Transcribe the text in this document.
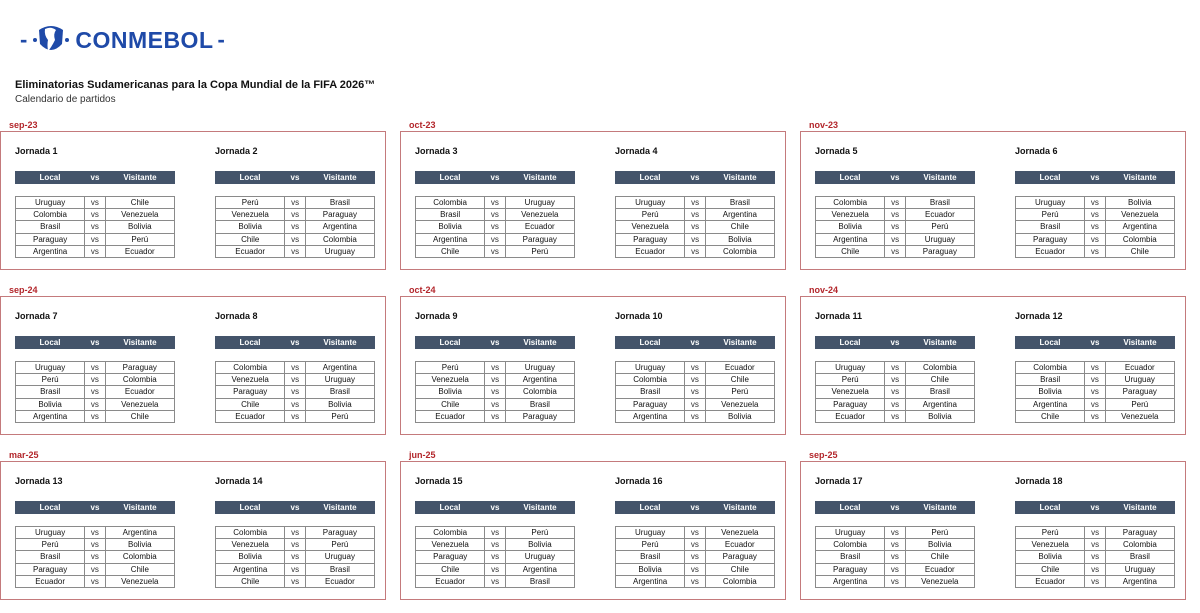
- CONMEBOL -
Eliminatorias Sudamericanas para la Copa Mundial de la FIFA 2026™
Calendario de partidos
sep-23
Jornada 1
Local	vs	Visitante
Uruguay	vs	Chile
Colombia	vs	Venezuela
Brasil	vs	Bolivia
Paraguay	vs	Perú
Argentina	vs	Ecuador
Jornada 2
Local	vs	Visitante
Perú	vs	Brasil
Venezuela	vs	Paraguay
Bolivia	vs	Argentina
Chile	vs	Colombia
Ecuador	vs	Uruguay
oct-23
Jornada 3
Local	vs	Visitante
Colombia	vs	Uruguay
Brasil	vs	Venezuela
Bolivia	vs	Ecuador
Argentina	vs	Paraguay
Chile	vs	Perú
Jornada 4
Local	vs	Visitante
Uruguay	vs	Brasil
Perú	vs	Argentina
Venezuela	vs	Chile
Paraguay	vs	Bolivia
Ecuador	vs	Colombia
nov-23
Jornada 5
Local	vs	Visitante
Colombia	vs	Brasil
Venezuela	vs	Ecuador
Bolivia	vs	Perú
Argentina	vs	Uruguay
Chile	vs	Paraguay
Jornada 6
Local	vs	Visitante
Uruguay	vs	Bolivia
Perú	vs	Venezuela
Brasil	vs	Argentina
Paraguay	vs	Colombia
Ecuador	vs	Chile
sep-24
Jornada 7
Local	vs	Visitante
Uruguay	vs	Paraguay
Perú	vs	Colombia
Brasil	vs	Ecuador
Bolivia	vs	Venezuela
Argentina	vs	Chile
Jornada 8
Local	vs	Visitante
Colombia	vs	Argentina
Venezuela	vs	Uruguay
Paraguay	vs	Brasil
Chile	vs	Bolivia
Ecuador	vs	Perú
oct-24
Jornada 9
Local	vs	Visitante
Perú	vs	Uruguay
Venezuela	vs	Argentina
Bolivia	vs	Colombia
Chile	vs	Brasil
Ecuador	vs	Paraguay
Jornada 10
Local	vs	Visitante
Uruguay	vs	Ecuador
Colombia	vs	Chile
Brasil	vs	Perú
Paraguay	vs	Venezuela
Argentina	vs	Bolivia
nov-24
Jornada 11
Local	vs	Visitante
Uruguay	vs	Colombia
Perú	vs	Chile
Venezuela	vs	Brasil
Paraguay	vs	Argentina
Ecuador	vs	Bolivia
Jornada 12
Local	vs	Visitante
Colombia	vs	Ecuador
Brasil	vs	Uruguay
Bolivia	vs	Paraguay
Argentina	vs	Perú
Chile	vs	Venezuela
mar-25
Jornada 13
Local	vs	Visitante
Uruguay	vs	Argentina
Perú	vs	Bolivia
Brasil	vs	Colombia
Paraguay	vs	Chile
Ecuador	vs	Venezuela
Jornada 14
Local	vs	Visitante
Colombia	vs	Paraguay
Venezuela	vs	Perú
Bolivia	vs	Uruguay
Argentina	vs	Brasil
Chile	vs	Ecuador
jun-25
Jornada 15
Local	vs	Visitante
Colombia	vs	Perú
Venezuela	vs	Bolivia
Paraguay	vs	Uruguay
Chile	vs	Argentina
Ecuador	vs	Brasil
Jornada 16
Local	vs	Visitante
Uruguay	vs	Venezuela
Perú	vs	Ecuador
Brasil	vs	Paraguay
Bolivia	vs	Chile
Argentina	vs	Colombia
sep-25
Jornada 17
Local	vs	Visitante
Uruguay	vs	Perú
Colombia	vs	Bolivia
Brasil	vs	Chile
Paraguay	vs	Ecuador
Argentina	vs	Venezuela
Jornada 18
Local	vs	Visitante
Perú	vs	Paraguay
Venezuela	vs	Colombia
Bolivia	vs	Brasil
Chile	vs	Uruguay
Ecuador	vs	Argentina
